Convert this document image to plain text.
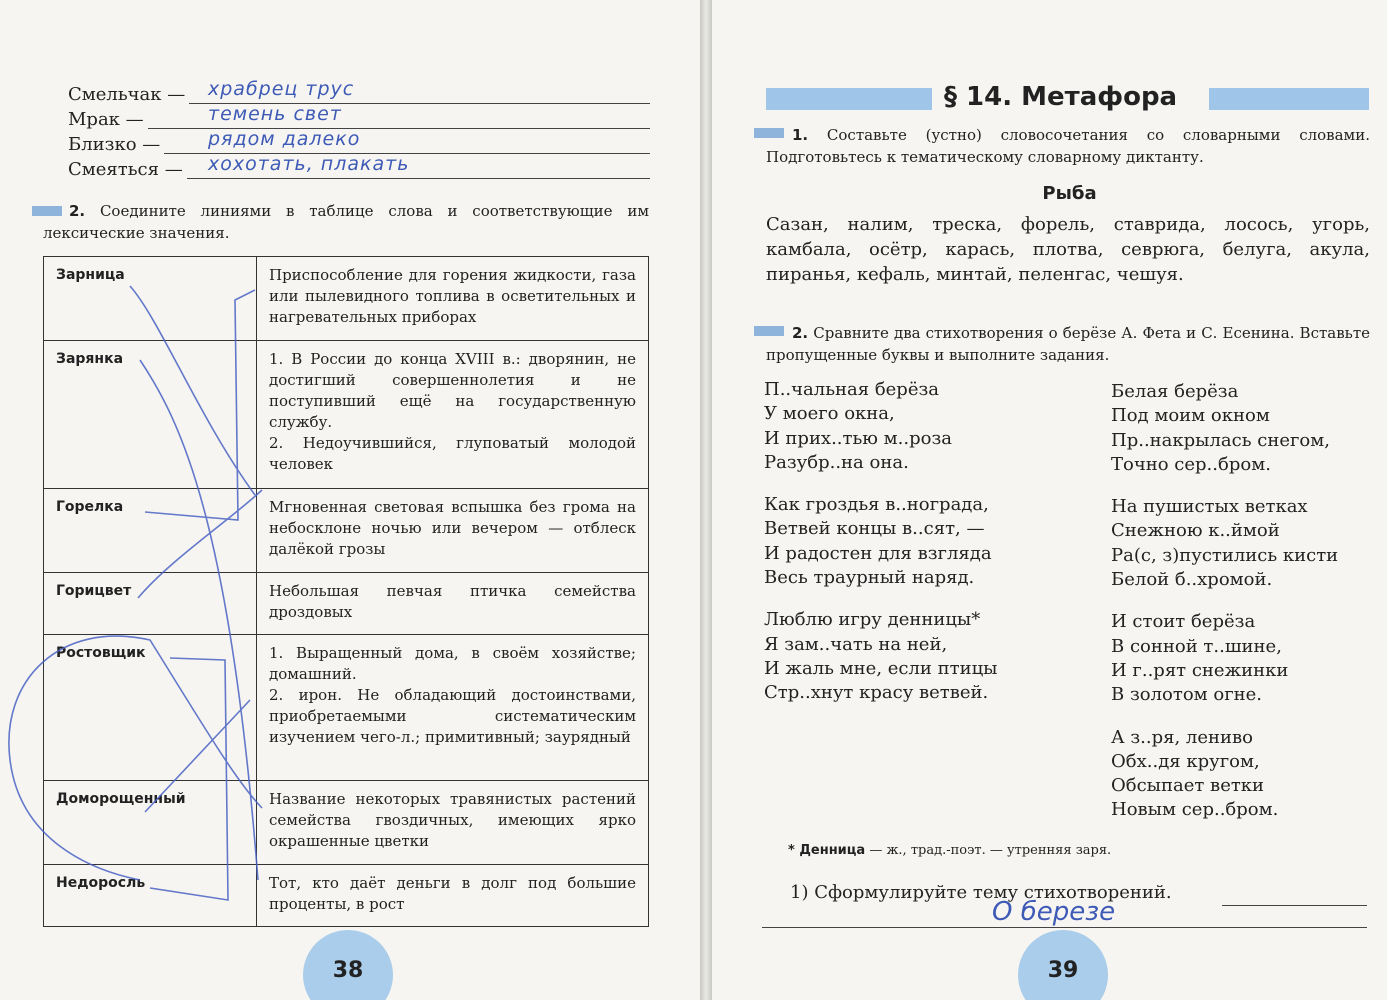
Смельчак — храбрец трус
Мрак —	темень свет
Близко —	рядом далеко
Смеяться — хохотать, плакать
2. Соедините линиями в таблице слова и соответствующие им лексические значения.
Зарница	Приспособление для горения жидкости, газа или пылевидного топлива в осветительных и нагревательных приборах
Зарянка	1. В России до конца XVIII в.: дворянин, не достигший совершеннолетия и не поступивший ещё на государственную службу.
2. Недоучившийся, глуповатый молодой человек
Горелка	Мгновенная световая вспышка без грома на небосклоне ночью или вечером — отблеск далёкой грозы
Горицвет	Небольшая певчая птичка семейства дроздовых
Ростовщик	1. Выращенный дома, в своём хозяйстве; домашний.
2. ирон. Не обладающий достоинствами, приобретаемыми систематическим изучением чего-л.; примитивный; заурядный
Доморощенный	Название некоторых травянистых растений семейства гвоздичных, имеющих ярко окрашенные цветки
Недоросль	Тот, кто даёт деньги в долг под большие проценты, в рост
38
§ 14. Метафора
1. Составьте (устно) словосочетания со словарными словами. Подготовьтесь к тематическому словарному диктанту.
Рыба
Сазан, налим, треска, форель, ставрида, лосось, угорь, камбала, осётр, карась, плотва, севрюга, белуга, акула, пиранья, кефаль, минтай, пеленгас, чешуя.
2. Сравните два стихотворения о берёзе А. Фета и С. Есенина. Вставьте пропущенные буквы и выполните задания.
П..чальная берёза
У моего окна,
И прих..тью м..роза
Разубр..на она.
Как гроздья в..нограда,
Ветвей концы в..сят, —
И радостен для взгляда
Весь траурный наряд.
Люблю игру денницы*
Я зам..чать на ней,
И жаль мне, если птицы
Стр..хнут красу ветвей.
Белая берёза
Под моим окном
Пр..накрылась снегом,
Точно сер..бром.
На пушистых ветках
Снежною к..ймой
Ра(с, з)пустились кисти
Белой б..хромой.
И стоит берёза
В сонной т..шине,
И г..рят снежинки
В золотом огне.
А з..ря, лениво
Обх..дя кругом,
Обсыпает ветки
Новым сер..бром.
* Денница — ж., трад.-поэт. — утренняя заря.
1) Сформулируйте тему стихотворений.
О березе
39
